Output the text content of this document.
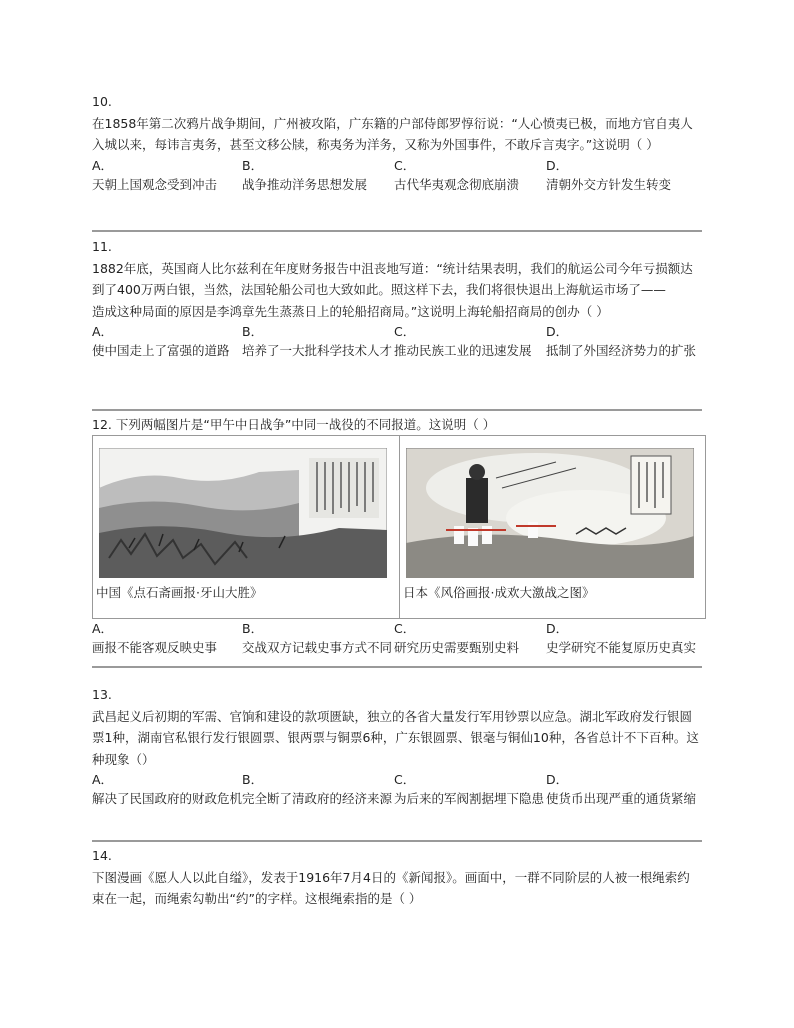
10.
在1858年第二次鸦片战争期间，广州被攻陷，广东籍的户部侍郎罗惇衍说：“人心愤夷已极，而地方官自夷人入城以来，每讳言夷务，甚至文移公牍，称夷务为洋务，又称为外国事件，不敢斥言夷字。”这说明（ ）
A．
天朝上国观念受到冲击
B．
战争推动洋务思想发展
C．
古代华夷观念彻底崩溃
D．
清朝外交方针发生转变
11.
1882年底，英国商人比尔兹利在年度财务报告中沮丧地写道：“统计结果表明，我们的航运公司今年亏损额达到了400万两白银，当然，法国轮船公司也大致如此。照这样下去，我们将很快退出上海航运市场了——
造成这种局面的原因是李鸿章先生蒸蒸日上的轮船招商局。”这说明上海轮船招商局的创办（ ）
A．
使中国走上了富强的道路
B．
培养了一大批科学技术人才
C．
推动民族工业的迅速发展
D．
抵制了外国经济势力的扩张
12. 下列两幅图片是“甲午中日战争”中同一战役的不同报道。这说明（ ）
中国《点石斋画报·牙山大胜》	日本《风俗画报·成欢大激战之图》
A．
画报不能客观反映史事
B．
交战双方记载史事方式不同
C．
研究历史需要甄别史料
D．
史学研究不能复原历史真实
13.
武昌起义后初期的军需、官饷和建设的款项匮缺，独立的各省大量发行军用钞票以应急。湖北军政府发行银圆票1种，湖南官私银行发行银圆票、银两票与铜票6种，广东银圆票、银毫与铜仙10种，各省总计不下百种。这种现象（）
A．
解决了民国政府的财政危机
B．
完全断了清政府的经济来源
C．
为后来的军阀割据埋下隐患
D．
使货币出现严重的通货紧缩
14.
下图漫画《愿人人以此自缢》，发表于1916年7月4日的《新闻报》。画面中，一群不同阶层的人被一根绳索约束在一起，而绳索勾勒出“约”的字样。这根绳索指的是（ ）
